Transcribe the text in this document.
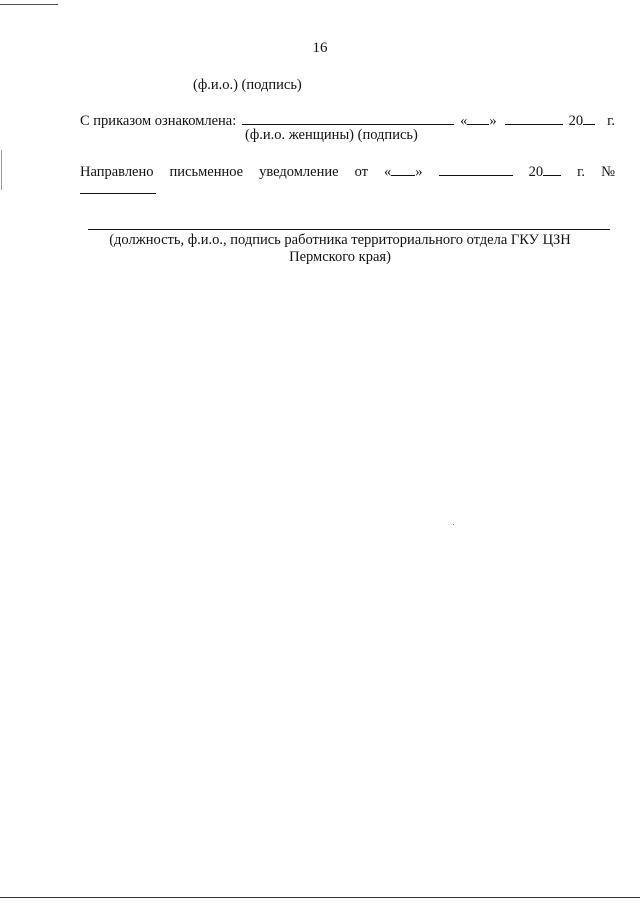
16
(ф.и.о.) (подпись)
С приказом ознакомлена:	« »	20 г.
(ф.и.о. женщины) (подпись)
Направлено письменное уведомление от « »	20	г. №
(должность, ф.и.о., подпись работника территориального отдела ГКУ ЦЗН
Пермского края)
